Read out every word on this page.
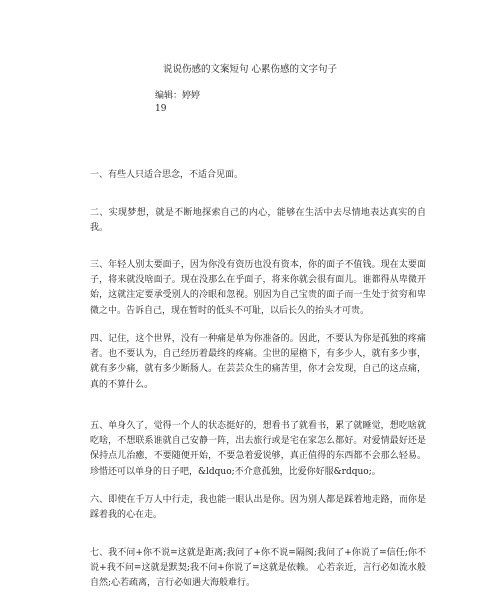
说说伤感的文案短句 心累伤感的文字句子
编辑：婷婷
19

一、有些人只适合思念，不适合见面。

二、实现梦想，就是不断地探索自己的内心，能够在生活中去尽情地表达真实的自我。

三、年轻人别太要面子，因为你没有资历也没有资本，你的面子不值钱。现在太要面子，将来就没啥面子。现在没那么在乎面子，将来你就会很有面儿。谁都得从卑微开始，这就注定要承受别人的冷眼和忽视。别因为自己宝贵的面子而一生处于贫穷和卑微之中。告诉自己，现在暂时的低头不可耻，以后长久的抬头才可贵。

四、记住，这个世界，没有一种痛是单为你准备的。因此，不要认为你是孤独的疼痛者。也不要认为，自己经历着最终的疼痛。尘世的屋檐下，有多少人，就有多少事，就有多少痛，就有多少断肠人。在芸芸众生的痛苦里，你才会发现，自己的这点痛，真的不算什么。

五、单身久了，觉得一个人的状态挺好的，想看书了就看书，累了就睡觉，想吃啥就吃啥，不想联系谁就自己安静一阵，出去旅行或是宅在家怎么都好。对爱情最好还是保持点儿治癒，不要随便开始，不要急着爱说够，真正值得的东西都不会那么轻易。珍惜还可以单身的日子吧，&ldquo;不介意孤独，比爱你好服&rdquo;。

六、即使在千万人中行走，我也能一眼认出是你。因为别人都是踩着地走路，而你是踩着我的心在走。

七、我不问+你不说=这就是距离;我问了+你不说=隔阂;我问了+你说了=信任;你不说+我不问=这就是默契;我不问+你说了=这就是依赖。 心若亲近，言行必如流水般自然;心若疏离，言行必如遇大海般难行。
